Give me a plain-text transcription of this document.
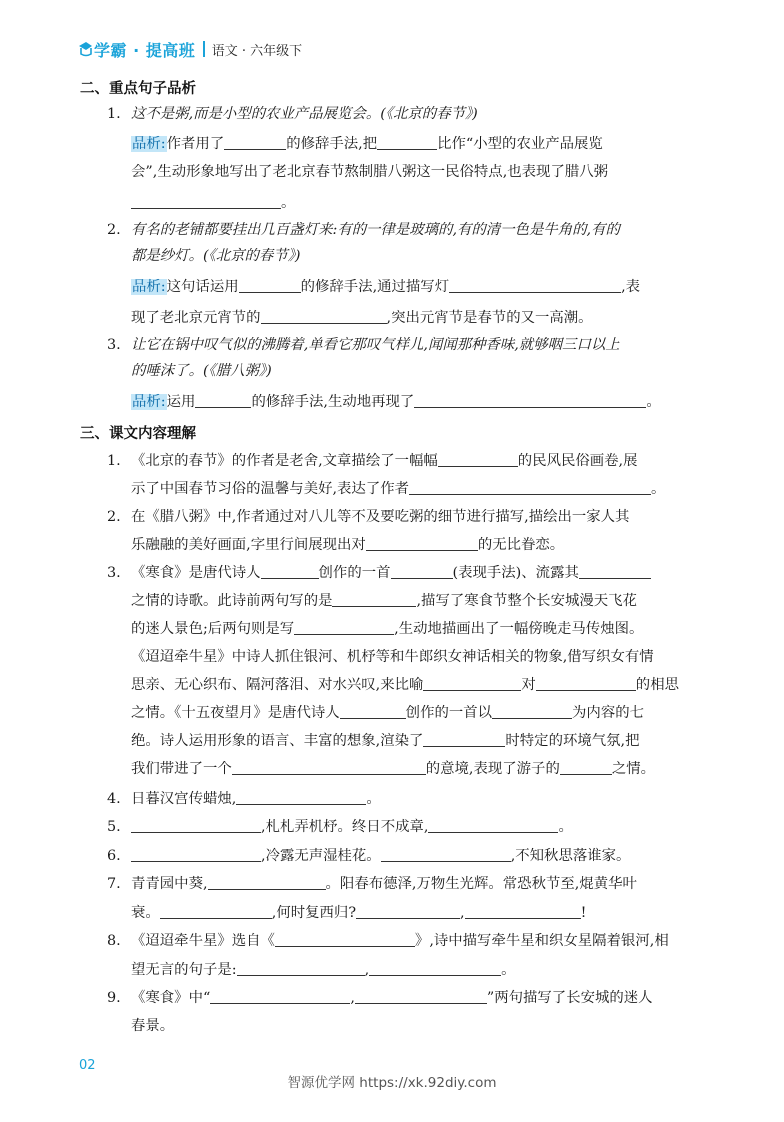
学霸 · 提高班 语文 · 六年级下
二、重点句子品析
1. 这不是粥,而是小型的农业产品展览会。(《北京的春节》)
品析:作者用了	的修辞手法,把	比作“小型的农业产品展览
会”,生动形象地写出了老北京春节熬制腊八粥这一民俗特点,也表现了腊八粥
。
2. 有名的老铺都要挂出几百盏灯来:有的一律是玻璃的,有的清一色是牛角的,有的
都是纱灯。(《北京的春节》)
品析:这句话运用	的修辞手法,通过描写灯	,表
现了老北京元宵节的	,突出元宵节是春节的又一高潮。
3. 让它在锅中叹气似的沸腾着,单看它那叹气样儿,闻闻那种香味,就够咽三口以上
的唾沫了。(《腊八粥》)
品析:运用	的修辞手法,生动地再现了	。
三、课文内容理解
1. 《北京的春节》的作者是老舍,文章描绘了一幅幅	的民风民俗画卷,展
示了中国春节习俗的温馨与美好,表达了作者	。
2. 在《腊八粥》中,作者通过对八儿等不及要吃粥的细节进行描写,描绘出一家人其
乐融融的美好画面,字里行间展现出对	的无比眷恋。
3. 《寒食》是唐代诗人	创作的一首	(表现手法)、流露其
之情的诗歌。此诗前两句写的是	,描写了寒食节整个长安城漫天飞花
的迷人景色;后两句则是写	,生动地描画出了一幅傍晚走马传烛图。
《迢迢牵牛星》中诗人抓住银河、机杼等和牛郎织女神话相关的物象,借写织女有情
思亲、无心织布、隔河落泪、对水兴叹,来比喻	对	的相思
之情。《十五夜望月》是唐代诗人	创作的一首以	为内容的七
绝。诗人运用形象的语言、丰富的想象,渲染了	时特定的环境气氛,把
我们带进了一个	的意境,表现了游子的	之情。
4. 日暮汉宫传蜡烛,	。
5.	,札札弄机杼。终日不成章,	。
6.	,冷露无声湿桂花。	,不知秋思落谁家。
7. 青青园中葵,	。阳春布德泽,万物生光辉。常恐秋节至,焜黄华叶
衰。	,何时复西归?	,	!
8. 《迢迢牵牛星》选自《	》,诗中描写牵牛星和织女星隔着银河,相
望无言的句子是:	,	。
9. 《寒食》中“	,	”两句描写了长安城的迷人
春景。
02
智源优学网 https://xk.92diy.com
